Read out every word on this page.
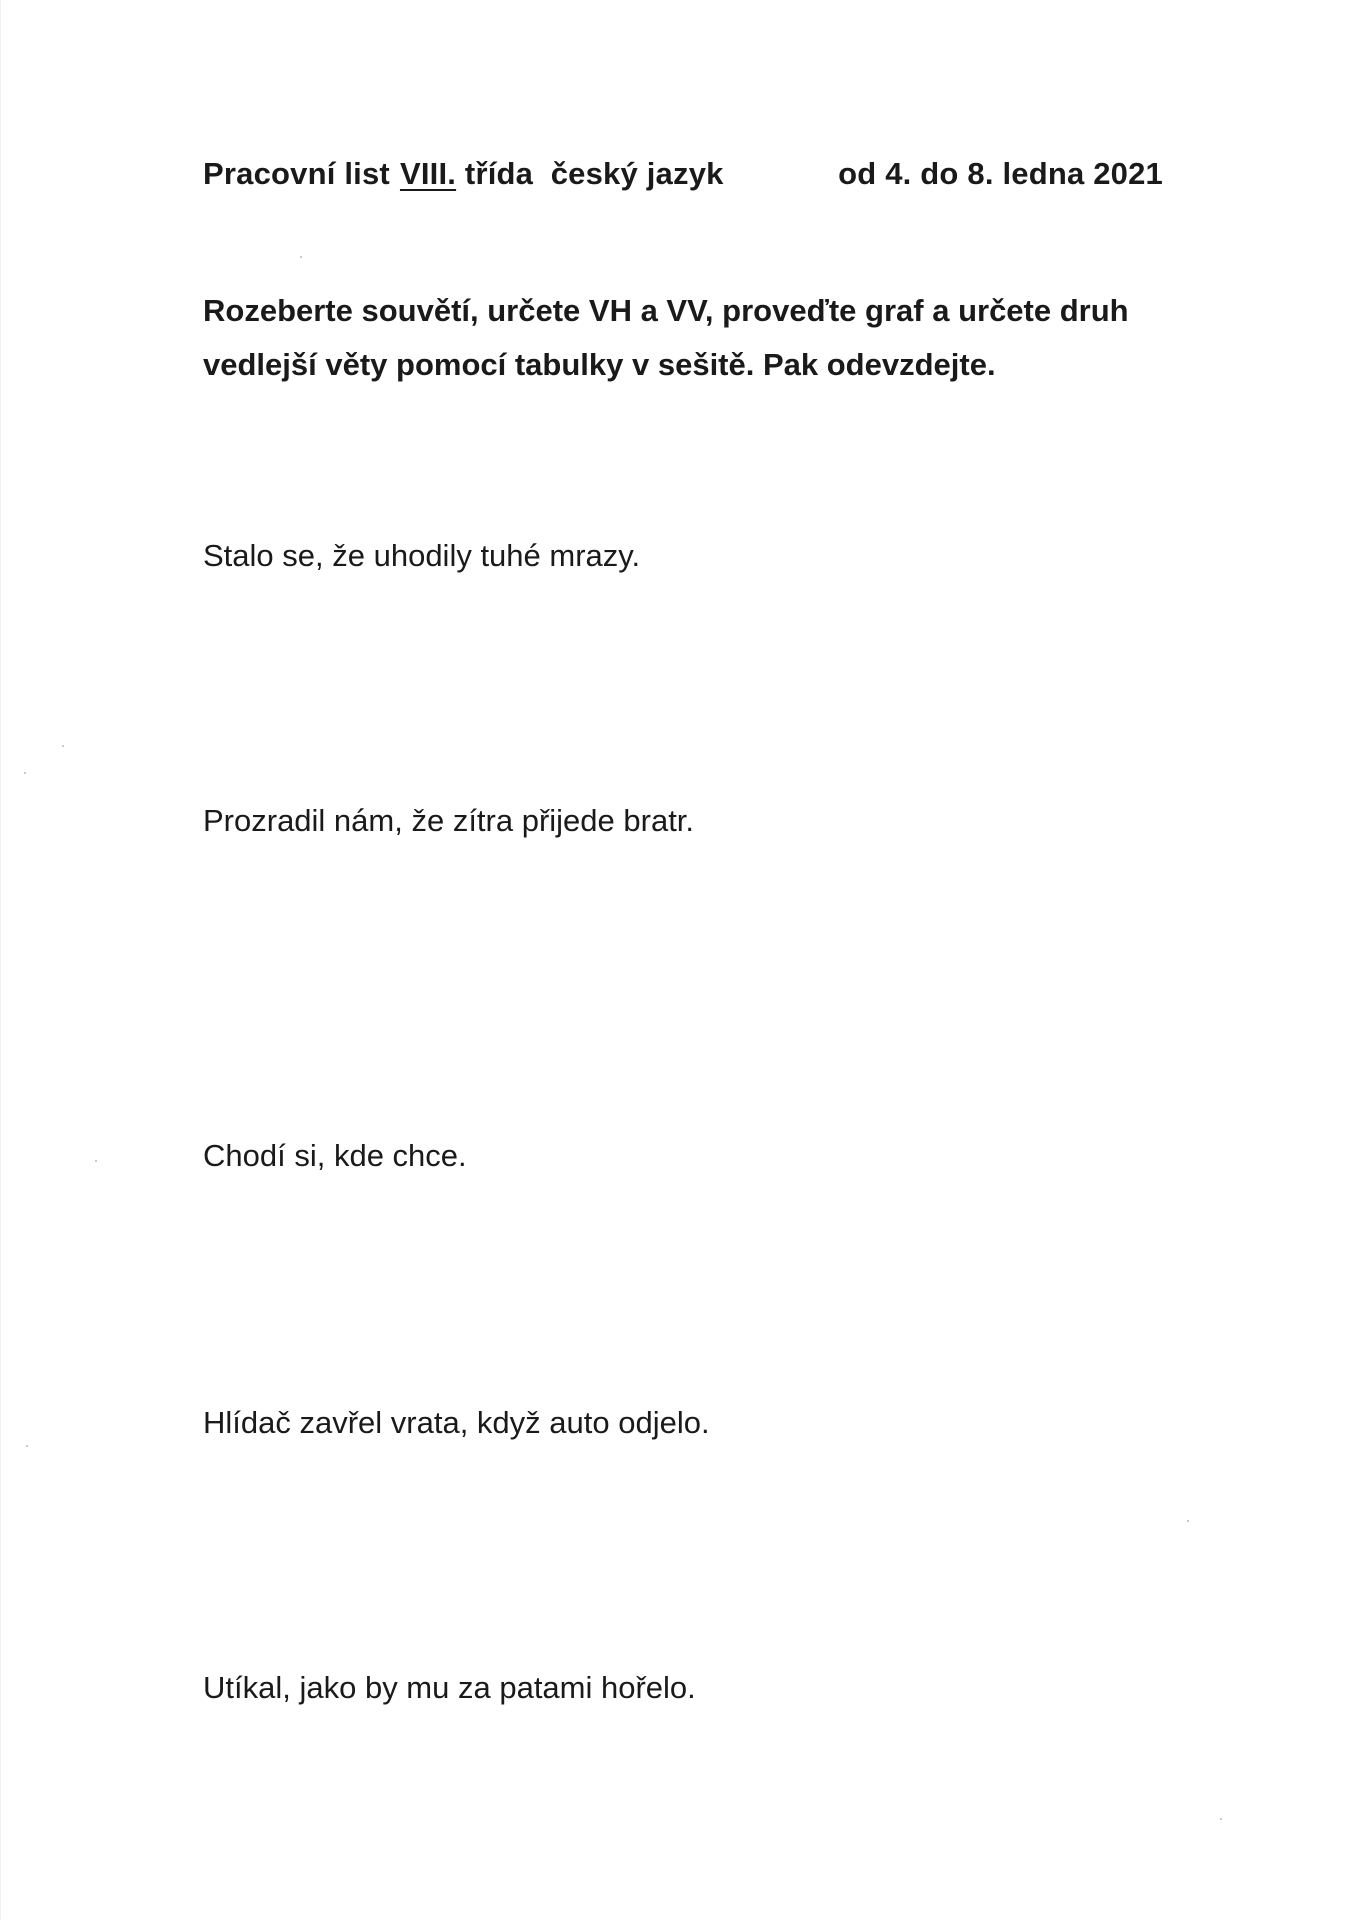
Pracovní list VIII. třída  český jazyk	od 4. do 8. ledna 2021
Rozeberte souvětí, určete VH a VV, proveďte graf a určete druh
vedlejší věty pomocí tabulky v sešitě. Pak odevzdejte.
Stalo se, že uhodily tuhé mrazy.
Prozradil nám, že zítra přijede bratr.
Chodí si, kde chce.
Hlídač zavřel vrata, když auto odjelo.
Utíkal, jako by mu za patami hořelo.
